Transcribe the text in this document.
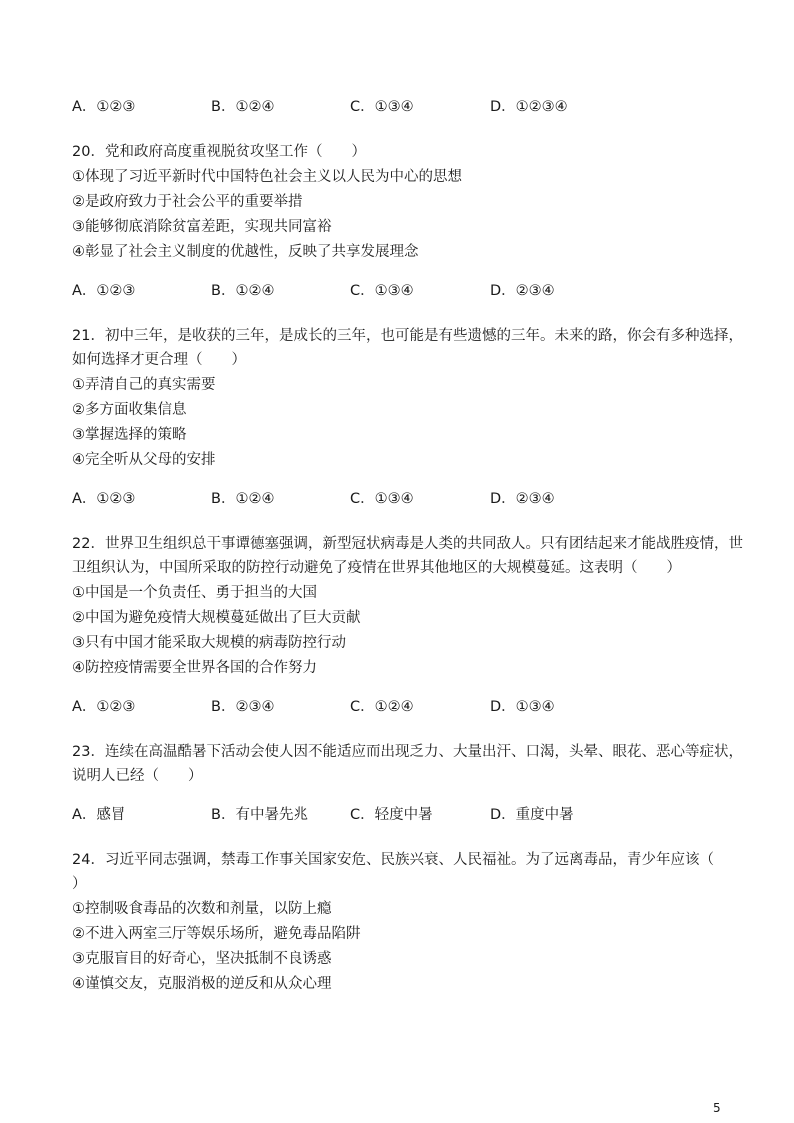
A．①②③	B．①②④	C．①③④	D．①②③④
20．党和政府高度重视脱贫攻坚工作（　　）
①体现了习近平新时代中国特色社会主义以人民为中心的思想
②是政府致力于社会公平的重要举措
③能够彻底消除贫富差距，实现共同富裕
④彰显了社会主义制度的优越性，反映了共享发展理念
A．①②③	B．①②④	C．①③④	D．②③④
21．初中三年，是收获的三年，是成长的三年，也可能是有些遗憾的三年。未来的路，你会有多种选择，
如何选择才更合理（　　）
①弄清自己的真实需要
②多方面收集信息
③掌握选择的策略
④完全听从父母的安排
A．①②③	B．①②④	C．①③④	D．②③④
22．世界卫生组织总干事谭德塞强调，新型冠状病毒是人类的共同敌人。只有团结起来才能战胜疫情，世
卫组织认为，中国所采取的防控行动避免了疫情在世界其他地区的大规模蔓延。这表明（　　）
①中国是一个负责任、勇于担当的大国
②中国为避免疫情大规模蔓延做出了巨大贡献
③只有中国才能采取大规模的病毒防控行动
④防控疫情需要全世界各国的合作努力
A．①②③	B．②③④	C．①②④	D．①③④
23．连续在高温酷暑下活动会使人因不能适应而出现乏力、大量出汗、口渴，头晕、眼花、恶心等症状，
说明人已经（　　）
A．感冒	B．有中暑先兆	C．轻度中暑	D．重度中暑
24．习近平同志强调，禁毒工作事关国家安危、民族兴衰、人民福祉。为了远离毒品，青少年应该（
）
①控制吸食毒品的次数和剂量，以防上瘾
②不进入两室三厅等娱乐场所，避免毒品陷阱
③克服盲目的好奇心，坚决抵制不良诱惑
④谨慎交友，克服消极的逆反和从众心理
5
